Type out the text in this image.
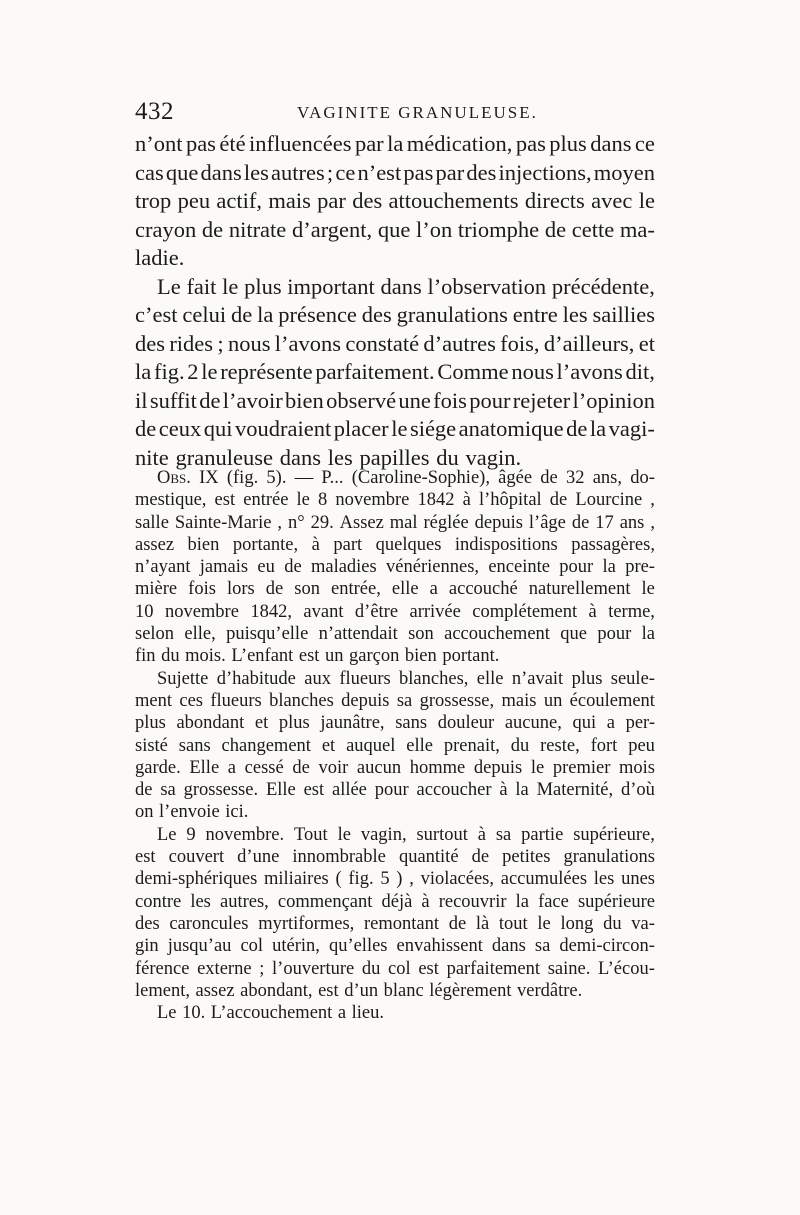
432	VAGINITE GRANULEUSE.
n’ont pas été influencées par la médication, pas plus dans ce
cas que dans les autres ; ce n’est pas par des injections, moyen
trop peu actif, mais par des attouchements directs avec le
crayon de nitrate d’argent, que l’on triomphe de cette ma-
ladie.
Le fait le plus important dans l’observation précédente,
c’est celui de la présence des granulations entre les saillies
des rides ; nous l’avons constaté d’autres fois, d’ailleurs, et
la fig. 2 le représente parfaitement. Comme nous l’avons dit,
il suffit de l’avoir bien observé une fois pour rejeter l’opinion
de ceux qui voudraient placer le siége anatomique de la vagi-
nite granuleuse dans les papilles du vagin.
Obs. IX (fig. 5). — P... (Caroline-Sophie), âgée de 32 ans, do-
mestique, est entrée le 8 novembre 1842 à l’hôpital de Lourcine ,
salle Sainte-Marie , n° 29. Assez mal réglée depuis l’âge de 17 ans ,
assez bien portante, à part quelques indispositions passagères,
n’ayant jamais eu de maladies vénériennes, enceinte pour la pre-
mière fois lors de son entrée, elle a accouché naturellement le
10 novembre 1842, avant d’être arrivée complétement à terme,
selon elle, puisqu’elle n’attendait son accouchement que pour la
fin du mois. L’enfant est un garçon bien portant.
Sujette d’habitude aux flueurs blanches, elle n’avait plus seule-
ment ces flueurs blanches depuis sa grossesse, mais un écoulement
plus abondant et plus jaunâtre, sans douleur aucune, qui a per-
sisté sans changement et auquel elle prenait, du reste, fort peu
garde. Elle a cessé de voir aucun homme depuis le premier mois
de sa grossesse. Elle est allée pour accoucher à la Maternité, d’où
on l’envoie ici.
Le 9 novembre. Tout le vagin, surtout à sa partie supérieure,
est couvert d’une innombrable quantité de petites granulations
demi-sphériques miliaires ( fig. 5 ) , violacées, accumulées les unes
contre les autres, commençant déjà à recouvrir la face supérieure
des caroncules myrtiformes, remontant de là tout le long du va-
gin jusqu’au col utérin, qu’elles envahissent dans sa demi-circon-
férence externe ; l’ouverture du col est parfaitement saine. L’écou-
lement, assez abondant, est d’un blanc légèrement verdâtre.
Le 10. L’accouchement a lieu.
